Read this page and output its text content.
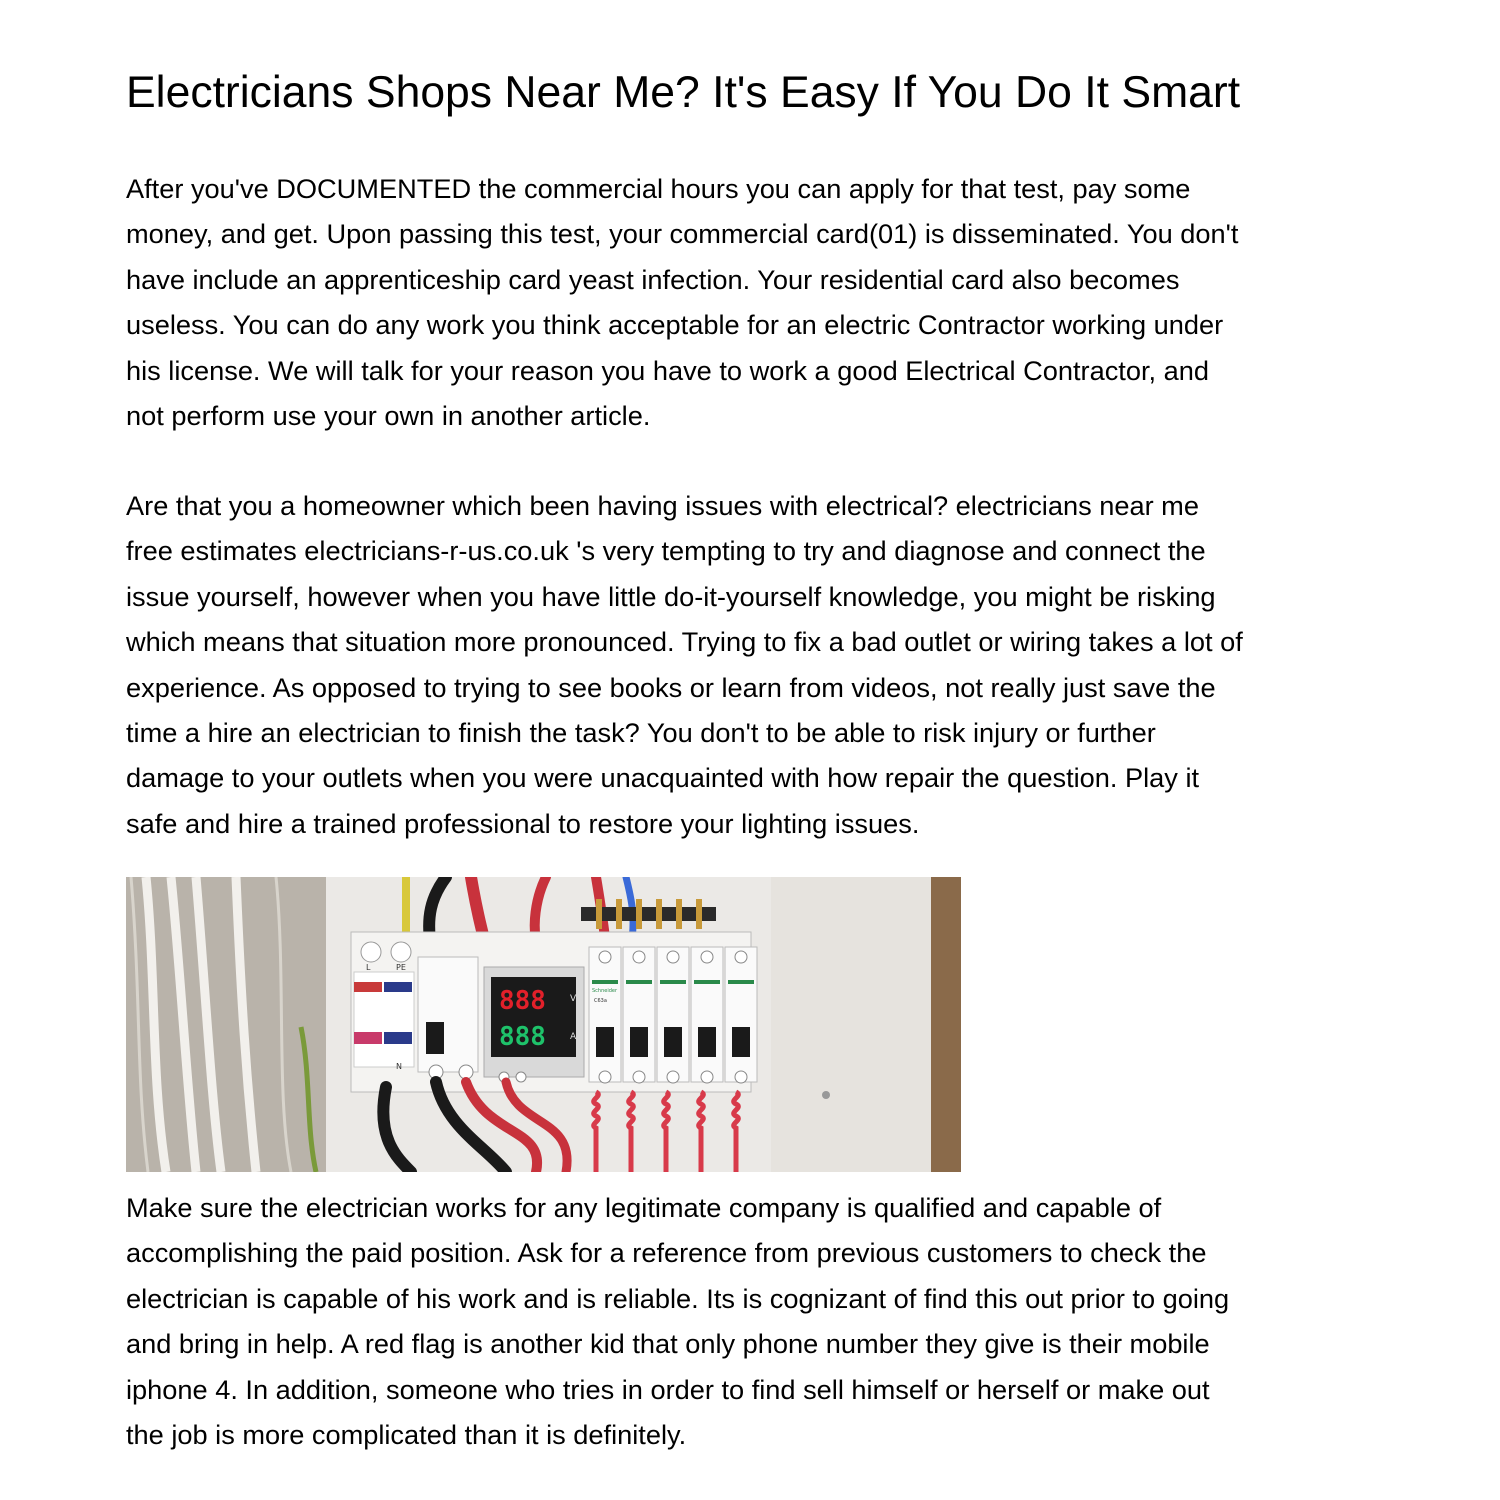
Electricians Shops Near Me? It's Easy If You Do It Smart

After you've DOCUMENTED the commercial hours you can apply for that test, pay some
money, and get. Upon passing this test, your commercial card(01) is disseminated. You don't
have include an apprenticeship card yeast infection. Your residential card also becomes
useless. You can do any work you think acceptable for an electric Contractor working under
his license. We will talk for your reason you have to work a good Electrical Contractor, and
not perform use your own in another article.

Are that you a homeowner which been having issues with electrical? electricians near me
free estimates electricians-r-us.co.uk 's very tempting to try and diagnose and connect the
issue yourself, however when you have little do-it-yourself knowledge, you might be risking
which means that situation more pronounced. Trying to fix a bad outlet or wiring takes a lot of
experience. As opposed to trying to see books or learn from videos, not really just save the
time a hire an electrician to finish the task? You don't to be able to risk injury or further
damage to your outlets when you were unacquainted with how repair the question. Play it
safe and hire a trained professional to restore your lighting issues.

L	PE
N
888
888
V
A
Schneider
C63a

Make sure the electrician works for any legitimate company is qualified and capable of
accomplishing the paid position. Ask for a reference from previous customers to check the
electrician is capable of his work and is reliable. Its is cognizant of find this out prior to going
and bring in help. A red flag is another kid that only phone number they give is their mobile
iphone 4. In addition, someone who tries in order to find sell himself or herself or make out
the job is more complicated than it is definitely.
